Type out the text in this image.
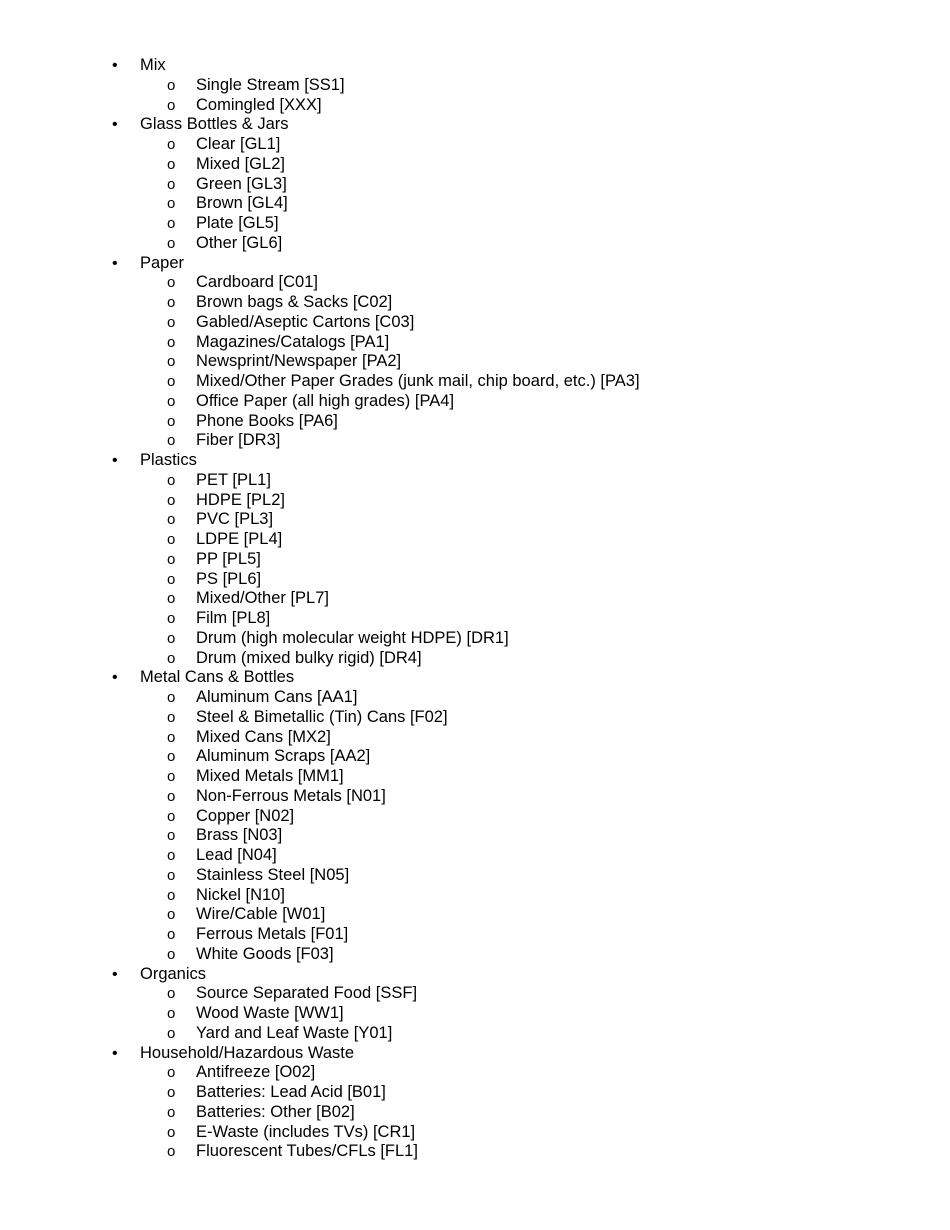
• Mix
o Single Stream [SS1]
o Comingled [XXX]
• Glass Bottles & Jars
o Clear [GL1]
o Mixed [GL2]
o Green [GL3]
o Brown [GL4]
o Plate [GL5]
o Other [GL6]
• Paper
o Cardboard [C01]
o Brown bags & Sacks [C02]
o Gabled/Aseptic Cartons [C03]
o Magazines/Catalogs [PA1]
o Newsprint/Newspaper [PA2]
o Mixed/Other Paper Grades (junk mail, chip board, etc.) [PA3]
o Office Paper (all high grades) [PA4]
o Phone Books [PA6]
o Fiber [DR3]
• Plastics
o PET [PL1]
o HDPE [PL2]
o PVC [PL3]
o LDPE [PL4]
o PP [PL5]
o PS [PL6]
o Mixed/Other [PL7]
o Film [PL8]
o Drum (high molecular weight HDPE) [DR1]
o Drum (mixed bulky rigid) [DR4]
• Metal Cans & Bottles
o Aluminum Cans [AA1]
o Steel & Bimetallic (Tin) Cans [F02]
o Mixed Cans [MX2]
o Aluminum Scraps [AA2]
o Mixed Metals [MM1]
o Non-Ferrous Metals [N01]
o Copper [N02]
o Brass [N03]
o Lead [N04]
o Stainless Steel [N05]
o Nickel [N10]
o Wire/Cable [W01]
o Ferrous Metals [F01]
o White Goods [F03]
• Organics
o Source Separated Food [SSF]
o Wood Waste [WW1]
o Yard and Leaf Waste [Y01]
• Household/Hazardous Waste
o Antifreeze [O02]
o Batteries: Lead Acid [B01]
o Batteries: Other [B02]
o E-Waste (includes TVs) [CR1]
o Fluorescent Tubes/CFLs [FL1]
